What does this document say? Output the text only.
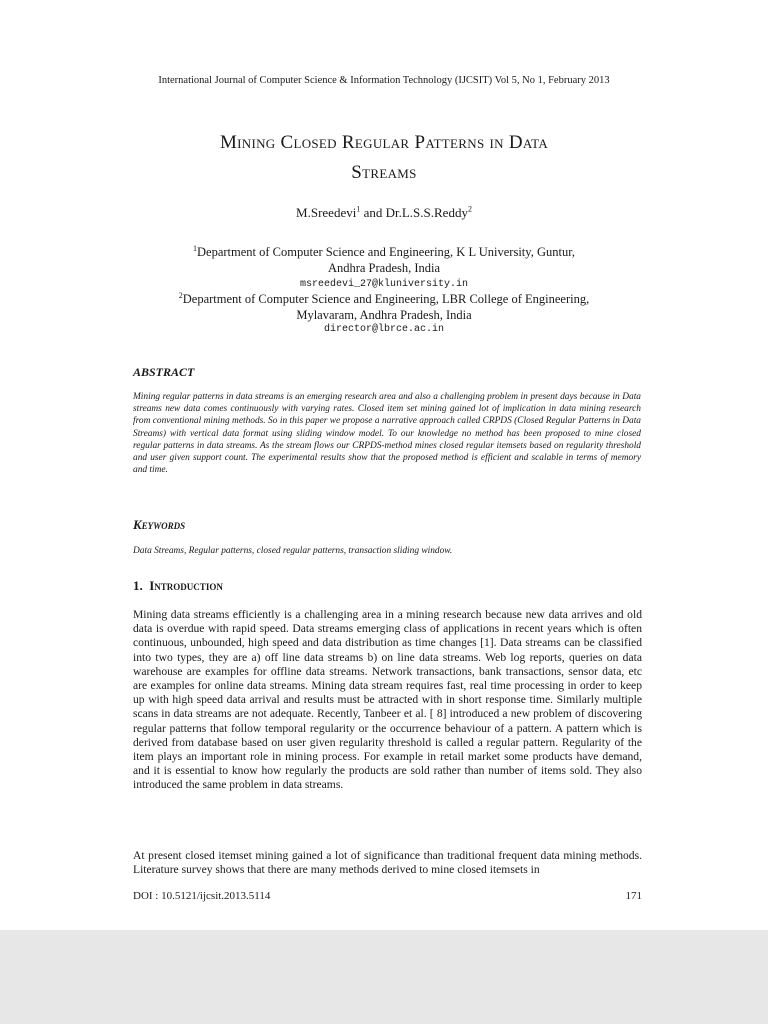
International Journal of Computer Science & Information Technology (IJCSIT) Vol 5, No 1, February 2013
Mining Closed Regular Patterns in Data
Streams
M.Sreedevi$^1$ and Dr.L.S.S.Reddy$^2$
$^1$Department of Computer Science and Engineering, K L University, Guntur,
Andhra Pradesh, India
msreedevi_27@kluniversity.in
$^2$Department of Computer Science and Engineering, LBR College of Engineering,
Mylavaram, Andhra Pradesh, India
director@lbrce.ac.in
ABSTRACT
Mining regular patterns in data streams is an emerging research area and also a challenging problem in present days because in Data streams new data comes continuously with varying rates. Closed item set mining gained lot of implication in data mining research from conventional mining methods. So in this paper we propose a narrative approach called CRPDS (Closed Regular Patterns in Data Streams) with vertical data format using sliding window model. To our knowledge no method has been proposed to mine closed regular patterns in data streams. As the stream flows our CRPDS-method mines closed regular itemsets based on regularity threshold and user given support count. The experimental results show that the proposed method is efficient and scalable in terms of memory and time.
Keywords
Data Streams, Regular patterns, closed regular patterns, transaction sliding window.
1.  Introduction
Mining data streams efficiently is a challenging area in a mining research because new data arrives and old data is overdue with rapid speed. Data streams emerging class of applications in recent years which is often continuous, unbounded, high speed and data distribution as time changes [1]. Data streams can be classified into two types, they are a) off line data streams b) on line data streams. Web log reports, queries on data warehouse are examples for offline data streams. Network transactions, bank transactions, sensor data, etc are examples for online data streams. Mining data stream requires fast, real time processing in order to keep up with high speed data arrival and results must be attracted with in short response time. Similarly multiple scans in data streams are not adequate. Recently, Tanbeer et al. [ 8] introduced a new problem of discovering regular patterns that follow temporal regularity or the occurrence behaviour of a pattern. A pattern which is derived from database based on user given regularity threshold is called a regular pattern. Regularity of the item plays an important role in mining process. For example in retail market some products have demand, and it is essential to know how regularly the products are sold rather than number of items sold. They also introduced the same problem in data streams.
At present closed itemset mining gained a lot of significance than traditional frequent data mining methods. Literature survey shows that there are many methods derived to mine closed itemsets in
DOI : 10.5121/ijcsit.2013.5114	171
